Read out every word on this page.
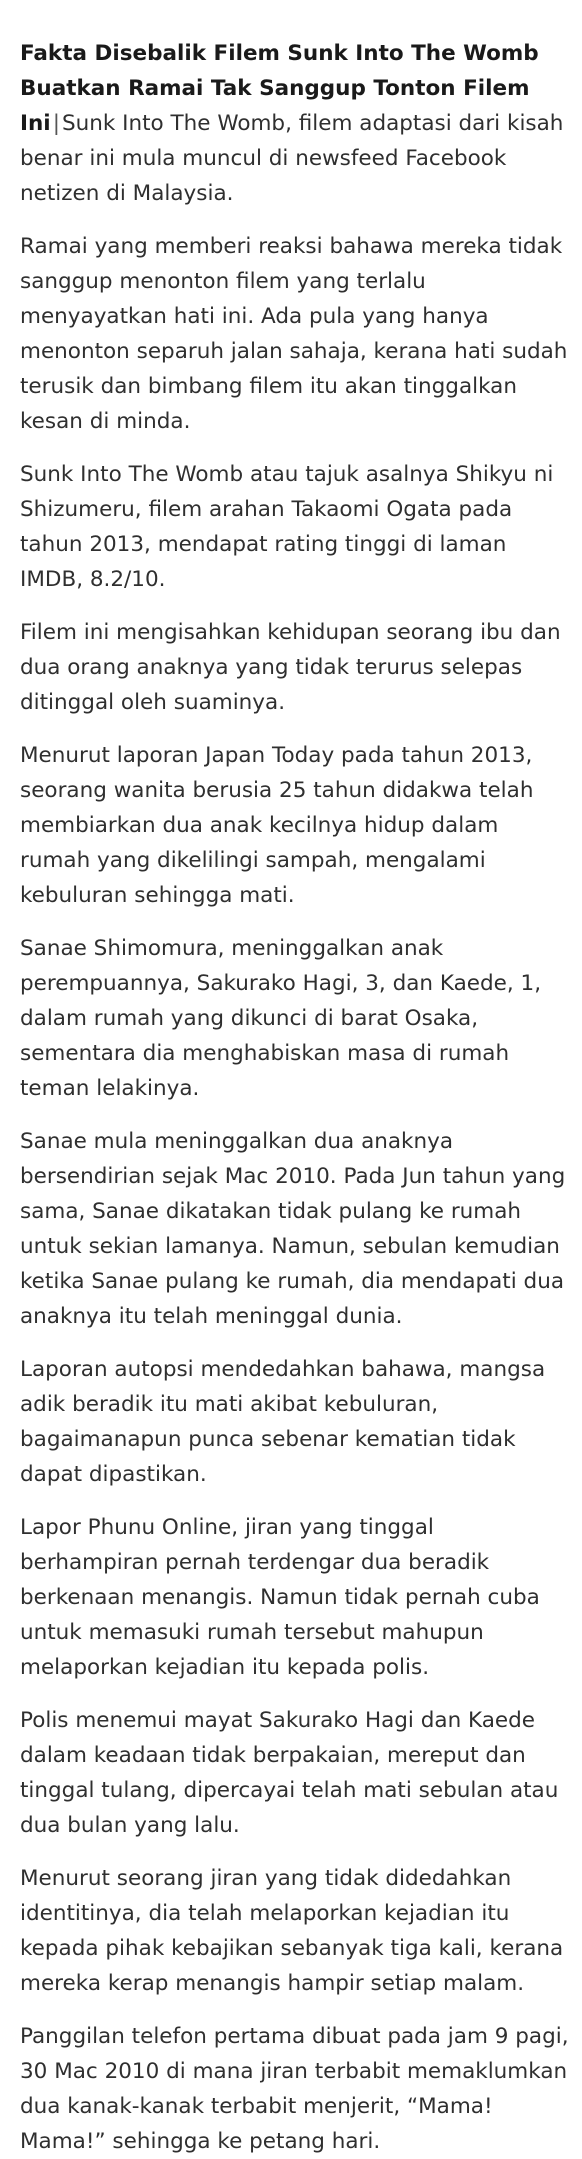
Fakta Disebalik Filem Sunk Into The Womb Buatkan Ramai Tak Sanggup Tonton Filem Ini|Sunk Into The Womb, filem adaptasi dari kisah benar ini mula muncul di newsfeed Facebook netizen di Malaysia.

Ramai yang memberi reaksi bahawa mereka tidak sanggup menonton filem yang terlalu menyayatkan hati ini. Ada pula yang hanya menonton separuh jalan sahaja, kerana hati sudah terusik dan bimbang filem itu akan tinggalkan kesan di minda.

Sunk Into The Womb atau tajuk asalnya Shikyu ni Shizumeru, filem arahan Takaomi Ogata pada tahun 2013, mendapat rating tinggi di laman IMDB, 8.2/10.

Filem ini mengisahkan kehidupan seorang ibu dan dua orang anaknya yang tidak terurus selepas ditinggal oleh suaminya.

Menurut laporan Japan Today pada tahun 2013, seorang wanita berusia 25 tahun didakwa telah membiarkan dua anak kecilnya hidup dalam rumah yang dikelilingi sampah, mengalami kebuluran sehingga mati.

Sanae Shimomura, meninggalkan anak perempuannya, Sakurako Hagi, 3, dan Kaede, 1, dalam rumah yang dikunci di barat Osaka, sementara dia menghabiskan masa di rumah teman lelakinya.

Sanae mula meninggalkan dua anaknya bersendirian sejak Mac 2010. Pada Jun tahun yang sama, Sanae dikatakan tidak pulang ke rumah untuk sekian lamanya. Namun, sebulan kemudian ketika Sanae pulang ke rumah, dia mendapati dua anaknya itu telah meninggal dunia.

Laporan autopsi mendedahkan bahawa, mangsa adik beradik itu mati akibat kebuluran, bagaimanapun punca sebenar kematian tidak dapat dipastikan.

Lapor Phunu Online, jiran yang tinggal berhampiran pernah terdengar dua beradik berkenaan menangis. Namun tidak pernah cuba untuk memasuki rumah tersebut mahupun melaporkan kejadian itu kepada polis.

Polis menemui mayat Sakurako Hagi dan Kaede dalam keadaan tidak berpakaian, mereput dan tinggal tulang, dipercayai telah mati sebulan atau dua bulan yang lalu.

Menurut seorang jiran yang tidak didedahkan identitinya, dia telah melaporkan kejadian itu kepada pihak kebajikan sebanyak tiga kali, kerana mereka kerap menangis hampir setiap malam.

Panggilan telefon pertama dibuat pada jam 9 pagi, 30 Mac 2010 di mana jiran terbabit memaklumkan dua kanak-kanak terbabit menjerit, “Mama! Mama!” sehingga ke petang hari.
